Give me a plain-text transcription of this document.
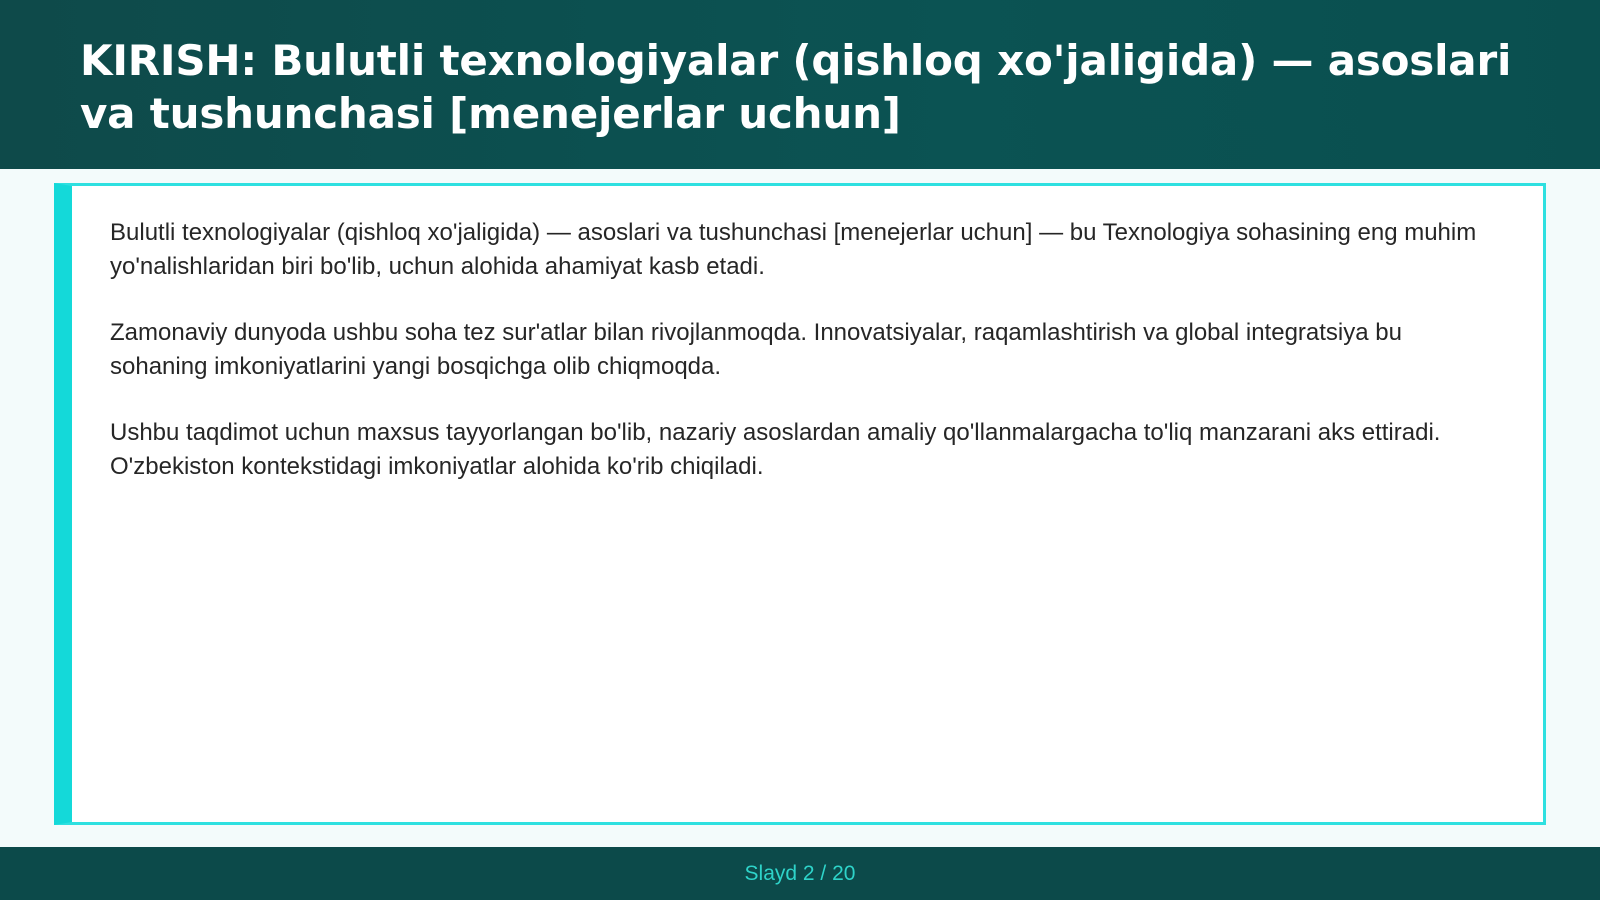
KIRISH: Bulutli texnologiyalar (qishloq xo'jaligida) — asoslari va tushunchasi [menejerlar uchun]

Bulutli texnologiyalar (qishloq xo'jaligida) — asoslari va tushunchasi [menejerlar uchun] — bu Texnologiya sohasining eng muhim yo'nalishlaridan biri bo'lib, uchun alohida ahamiyat kasb etadi.

Zamonaviy dunyoda ushbu soha tez sur'atlar bilan rivojlanmoqda. Innovatsiyalar, raqamlashtirish va global integratsiya bu sohaning imkoniyatlarini yangi bosqichga olib chiqmoqda.

Ushbu taqdimot uchun maxsus tayyorlangan bo'lib, nazariy asoslardan amaliy qo'llanmalargacha to'liq manzarani aks ettiradi. O'zbekiston kontekstidagi imkoniyatlar alohida ko'rib chiqiladi.

Slayd 2 / 20
